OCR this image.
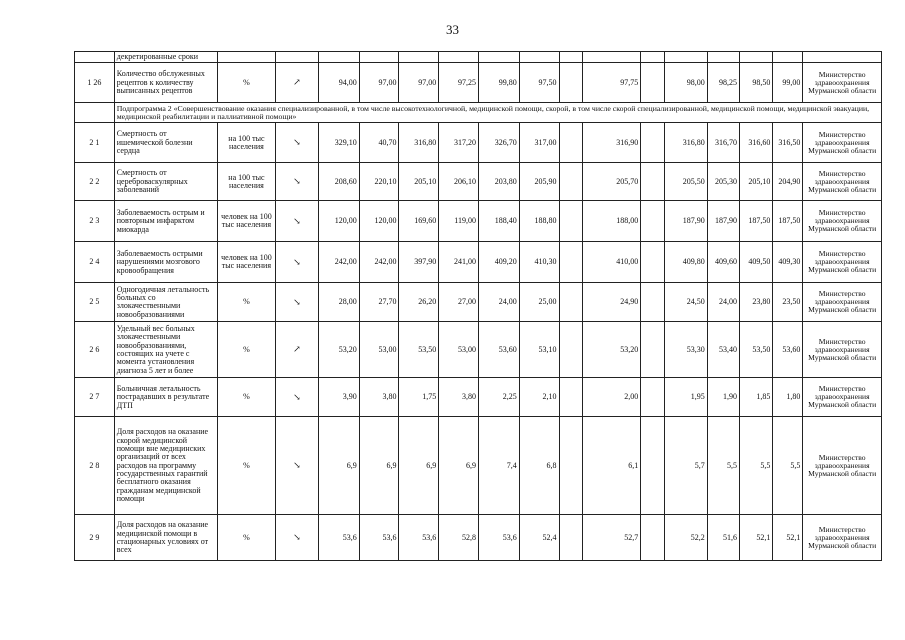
33
	декретированные сроки																
1 26	Количество обслуженных рецептов к количеству выписанных рецептов	%	↗	94,00	97,00	97,00	97,25	99,80	97,50		97,75		98,00	98,25	98,50	99,00	Министерство здравоохранения Мурманской области
	Подпрограмма 2 «Совершенствование оказания специализированной, в том числе высокотехнологичной, медицинской помощи, скорой, в том числе скорой специализированной, медицинской помощи, медицинской эвакуации, медицинской реабилитации и паллиативной помощи»																
2 1	Смертность от ишемической болезни сердца	на 100 тыс населения	↘	329,10	40,70	316,80	317,20	326,70	317,00		316,90		316,80	316,70	316,60	316,50	Министерство здравоохранения Мурманской области
2 2	Смертность от цереброваскулярных заболеваний	на 100 тыс населения	↘	208,60	220,10	205,10	206,10	203,80	205,90		205,70		205,50	205,30	205,10	204,90	Министерство здравоохранения Мурманской области
2 3	Заболеваемость острым и повторным инфарктом миокарда	человек на 100 тыс населения	↘	120,00	120,00	169,60	119,00	188,40	188,80		188,00		187,90	187,90	187,50	187,50	Министерство здравоохранения Мурманской области
2 4	Заболеваемость острыми нарушениями мозгового кровообращения	человек на 100 тыс населения	↘	242,00	242,00	397,90	241,00	409,20	410,30		410,00		409,80	409,60	409,50	409,30	Министерство здравоохранения Мурманской области
2 5	Одногодичная летальность больных со злокачественными новообразованиями	%	↘	28,00	27,70	26,20	27,00	24,00	25,00		24,90		24,50	24,00	23,80	23,50	Министерство здравоохранения Мурманской области
2 6	Удельный вес больных злокачественными новообразованиями, состоящих на учете с момента установления диагноза 5 лет и более	%	↗	53,20	53,00	53,50	53,00	53,60	53,10		53,20		53,30	53,40	53,50	53,60	Министерство здравоохранения Мурманской области
2 7	Больничная летальность пострадавших в результате ДТП	%	↘	3,90	3,80	1,75	3,80	2,25	2,10		2,00		1,95	1,90	1,85	1,80	Министерство здравоохранения Мурманской области
2 8	Доля расходов на оказание скорой медицинской помощи вне медицинских организаций от всех расходов на программу государственных гарантий бесплатного оказания гражданам медицинской помощи	%	↘	6,9	6,9	6,9	6,9	7,4	6,8		6,1		5,7	5,5	5,5	5,5	Министерство здравоохранения Мурманской области
2 9	Доля расходов на оказание медицинской помощи в стационарных условиях от всех	%	↘	53,6	53,6	53,6	52,8	53,6	52,4		52,7		52,2	51,6	52,1	52,1	Министерство здравоохранения Мурманской области
